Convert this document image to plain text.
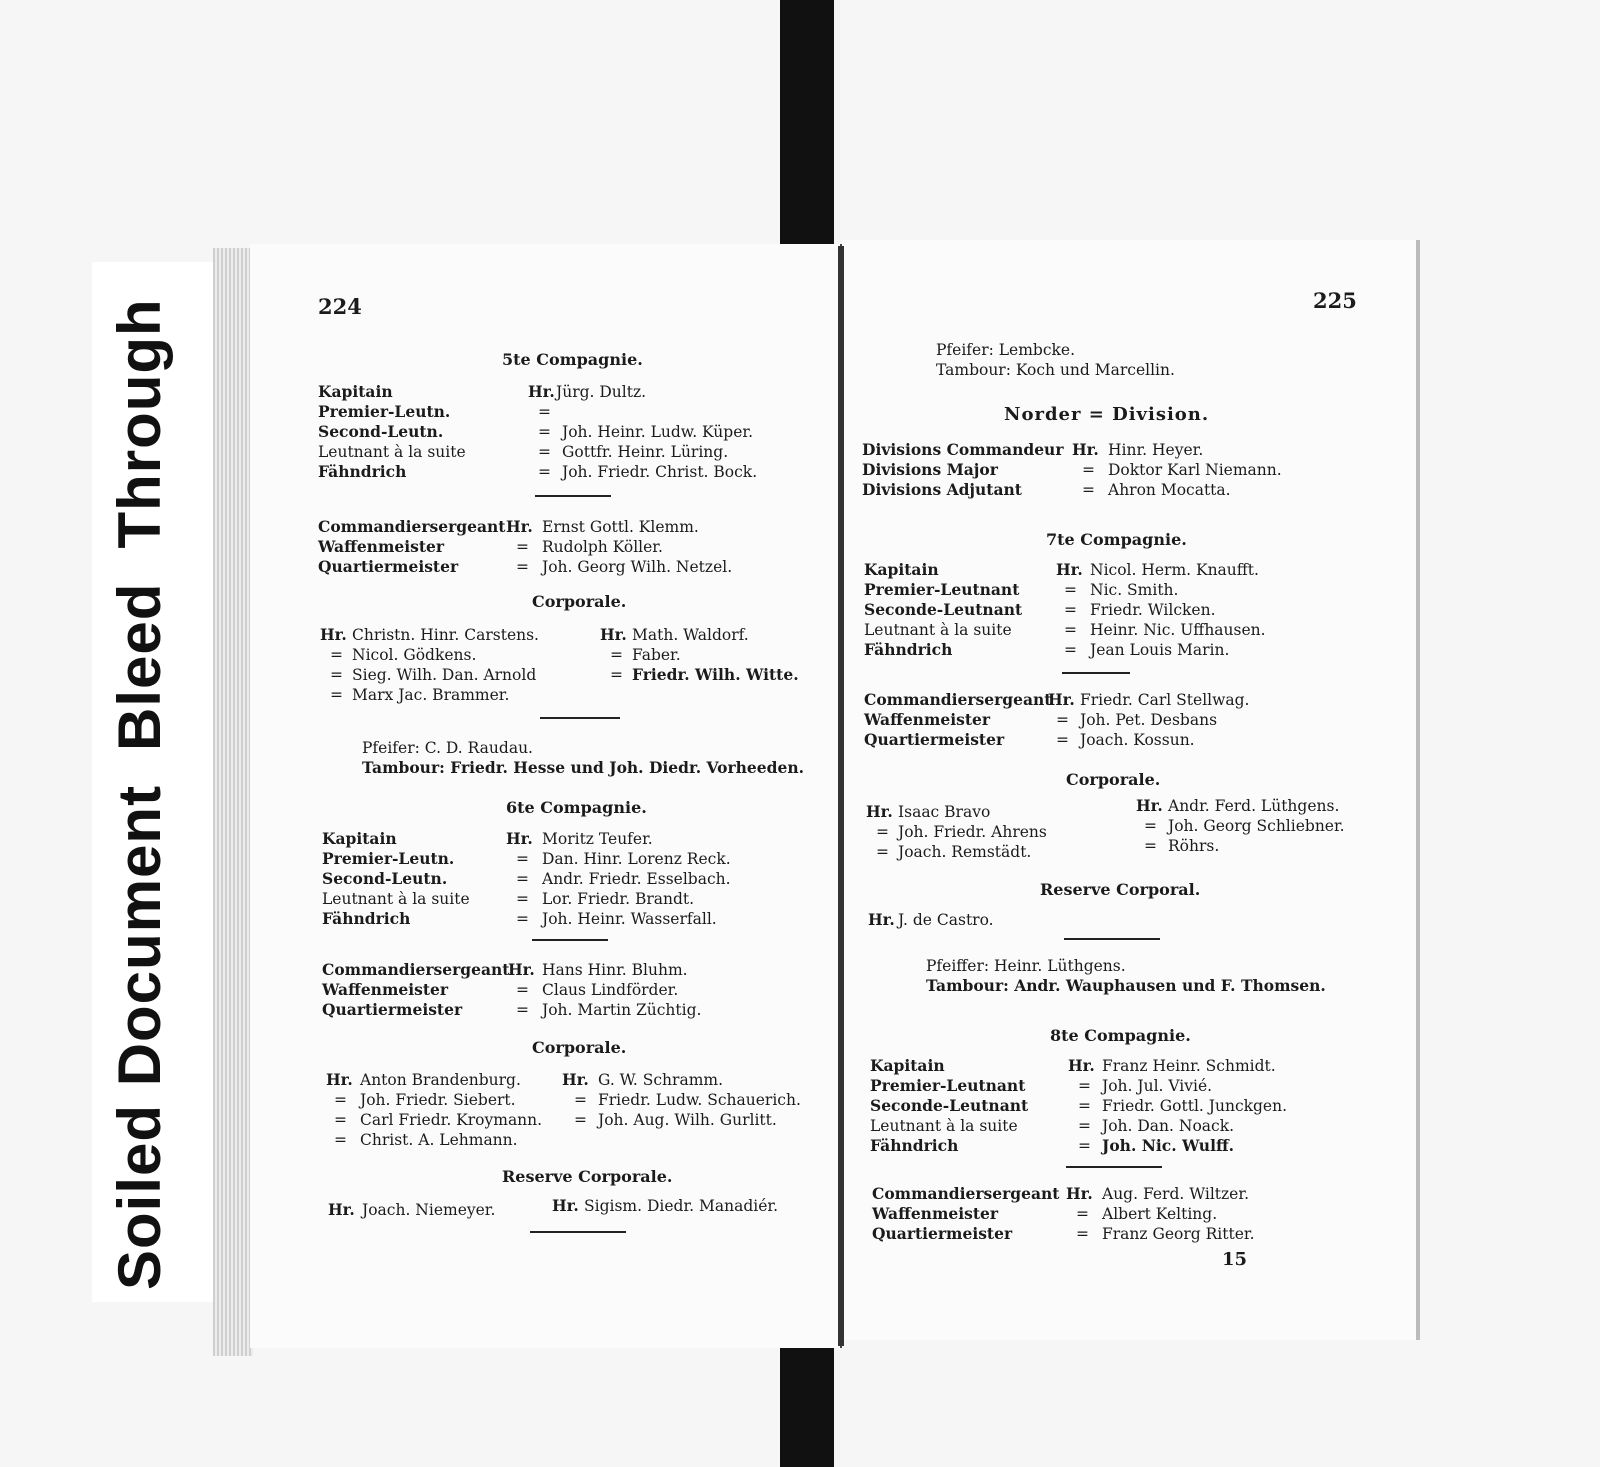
Soiled DocumentBleedThrough	224
5te Compagnie.
Kapitain
Premier-Leutn.
Second-Leutn.
Leutnant à la suite
Fähndrich
Hr.
=
=
=
=
Jürg. Dultz.
Joh. Heinr. Ludw. Küper.
Gottfr. Heinr. Lüring.
Joh. Friedr. Christ. Bock.
Commandiersergeant
Waffenmeister
Quartiermeister
Hr.
=
=
Ernst Gottl. Klemm.
Rudolph Köller.
Joh. Georg Wilh. Netzel.
Corporale.
Hr.
=
=
=
Christn. Hinr. Carstens.
Nicol. Gödkens.
Sieg. Wilh. Dan. Arnold
Marx Jac. Brammer.
Hr.
=
=
Math. Waldorf.
Faber.
Friedr. Wilh. Witte.
Pfeifer: C. D. Raudau.
Tambour: Friedr. Hesse und Joh. Diedr. Vorheeden.
6te Compagnie.
Kapitain
Premier-Leutn.
Second-Leutn.
Leutnant à la suite
Fähndrich
Hr.
=
=
=
=
Moritz Teufer.
Dan. Hinr. Lorenz Reck.
Andr. Friedr. Esselbach.
Lor. Friedr. Brandt.
Joh. Heinr. Wasserfall.
Commandiersergeant
Waffenmeister
Quartiermeister
Hr.
=
=
Hans Hinr. Bluhm.
Claus Lindförder.
Joh. Martin Züchtig.
Corporale.
Hr.
=
=
=
Anton Brandenburg.
Joh. Friedr. Siebert.
Carl Friedr. Kroymann.
Christ. A. Lehmann.
Hr.
=
=
G. W. Schramm.
Friedr. Ludw. Schauerich.
Joh. Aug. Wilh. Gurlitt.
Reserve Corporale.
Hr. Joach. Niemeyer.	Hr. Sigism. Diedr. Manadiér.
225
Pfeifer: Lembcke.
Tambour: Koch und Marcellin.
Norder = Division.
Divisions Commandeur
Divisions Major
Divisions Adjutant
Hr.
=
=
Hinr. Heyer.
Doktor Karl Niemann.
Ahron Mocatta.
7te Compagnie.
Kapitain
Premier-Leutnant
Seconde-Leutnant
Leutnant à la suite
Fähndrich
Hr.
=
=
=
=
Nicol. Herm. Knaufft.
Nic. Smith.
Friedr. Wilcken.
Heinr. Nic. Uffhausen.
Jean Louis Marin.
Commandiersergeant
Waffenmeister
Quartiermeister
Hr.
=
=
Friedr. Carl Stellwag.
Joh. Pet. Desbans
Joach. Kossun.
Corporale.
Hr.
=
=
Isaac Bravo
Joh. Friedr. Ahrens
Joach. Remstädt.
Hr.
=
=
Andr. Ferd. Lüthgens.
Joh. Georg Schliebner.
Röhrs.
Reserve Corporal.
Hr. J. de Castro.
Pfeiffer: Heinr. Lüthgens.
Tambour: Andr. Wauphausen und F. Thomsen.
8te Compagnie.
Kapitain
Premier-Leutnant
Seconde-Leutnant
Leutnant à la suite
Fähndrich
Hr.
=
=
=
=
Franz Heinr. Schmidt.
Joh. Jul. Vivié.
Friedr. Gottl. Junckgen.
Joh. Dan. Noack.
Joh. Nic. Wulff.
Commandiersergeant
Waffenmeister
Quartiermeister
Hr.
=
=
Aug. Ferd. Wiltzer.
Albert Kelting.
Franz Georg Ritter.
15
